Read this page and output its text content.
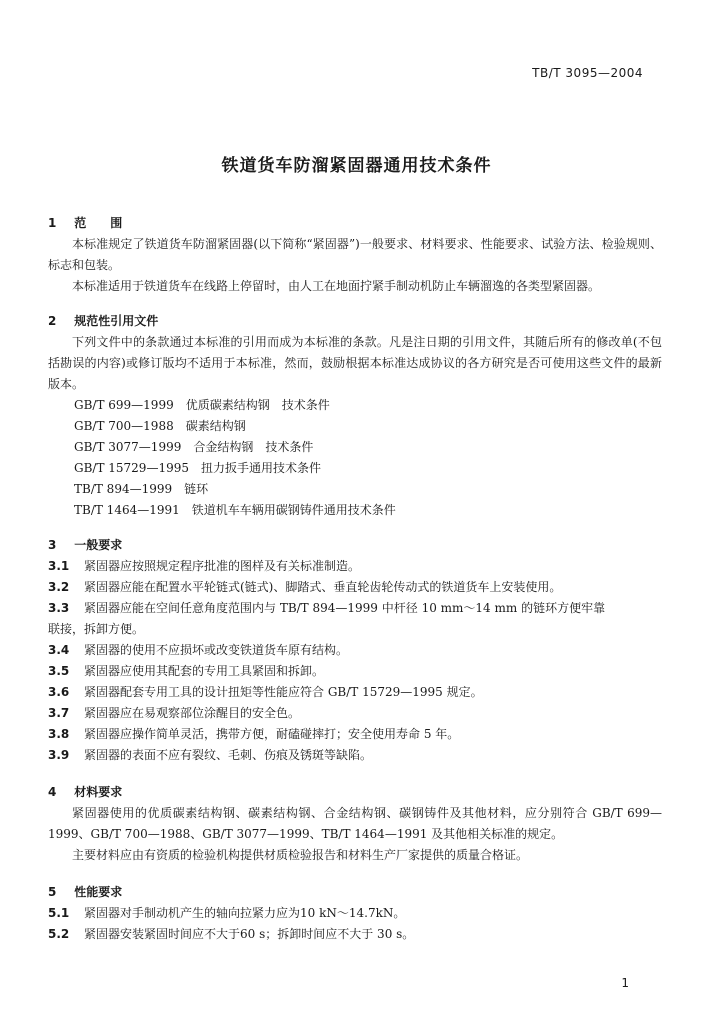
TB/T 3095—2004
铁道货车防溜紧固器通用技术条件
1 范　　围

本标准规定了铁道货车防溜紧固器(以下简称“紧固器”)一般要求、材料要求、性能要求、试验方法、检验规则、标志和包装。

本标准适用于铁道货车在线路上停留时，由人工在地面拧紧手制动机防止车辆溜逸的各类型紧固器。

2 规范性引用文件

下列文件中的条款通过本标准的引用而成为本标准的条款。凡是注日期的引用文件，其随后所有的修改单(不包括勘误的内容)或修订版均不适用于本标准，然而，鼓励根据本标准达成协议的各方研究是否可使用这些文件的最新版本。

GB/T 699—1999　优质碳素结构钢　技术条件

GB/T 700—1988　碳素结构钢

GB/T 3077—1999　合金结构钢　技术条件

GB/T 15729—1995　扭力扳手通用技术条件

TB/T 894—1999　链环

TB/T 1464—1991　铁道机车车辆用碳钢铸件通用技术条件

3 一般要求

3.1 紧固器应按照规定程序批准的图样及有关标准制造。

3.2 紧固器应能在配置水平轮链式(链式)、脚踏式、垂直轮齿轮传动式的铁道货车上安装使用。

3.3 紧固器应能在空间任意角度范围内与 TB/T 894—1999 中杆径 10 mm～14 mm 的链环方便牢靠

联接，拆卸方便。

3.4 紧固器的使用不应损坏或改变铁道货车原有结构。

3.5 紧固器应使用其配套的专用工具紧固和拆卸。

3.6 紧固器配套专用工具的设计扭矩等性能应符合 GB/T 15729—1995 规定。

3.7 紧固器应在易观察部位涂醒目的安全色。

3.8 紧固器应操作简单灵活，携带方便，耐磕碰摔打；安全使用寿命 5 年。

3.9 紧固器的表面不应有裂纹、毛刺、伤痕及锈斑等缺陷。

4 材料要求

紧固器使用的优质碳素结构钢、碳素结构钢、合金结构钢、碳钢铸件及其他材料，应分别符合 GB/T 699—1999、GB/T 700—1988、GB/T 3077—1999、TB/T 1464—1991 及其他相关标准的规定。

主要材料应由有资质的检验机构提供材质检验报告和材料生产厂家提供的质量合格证。

5 性能要求

5.1 紧固器对手制动机产生的轴向拉紧力应为10 kN～14.7kN。

5.2 紧固器安装紧固时间应不大于60 s；拆卸时间应不大于 30 s。

1
